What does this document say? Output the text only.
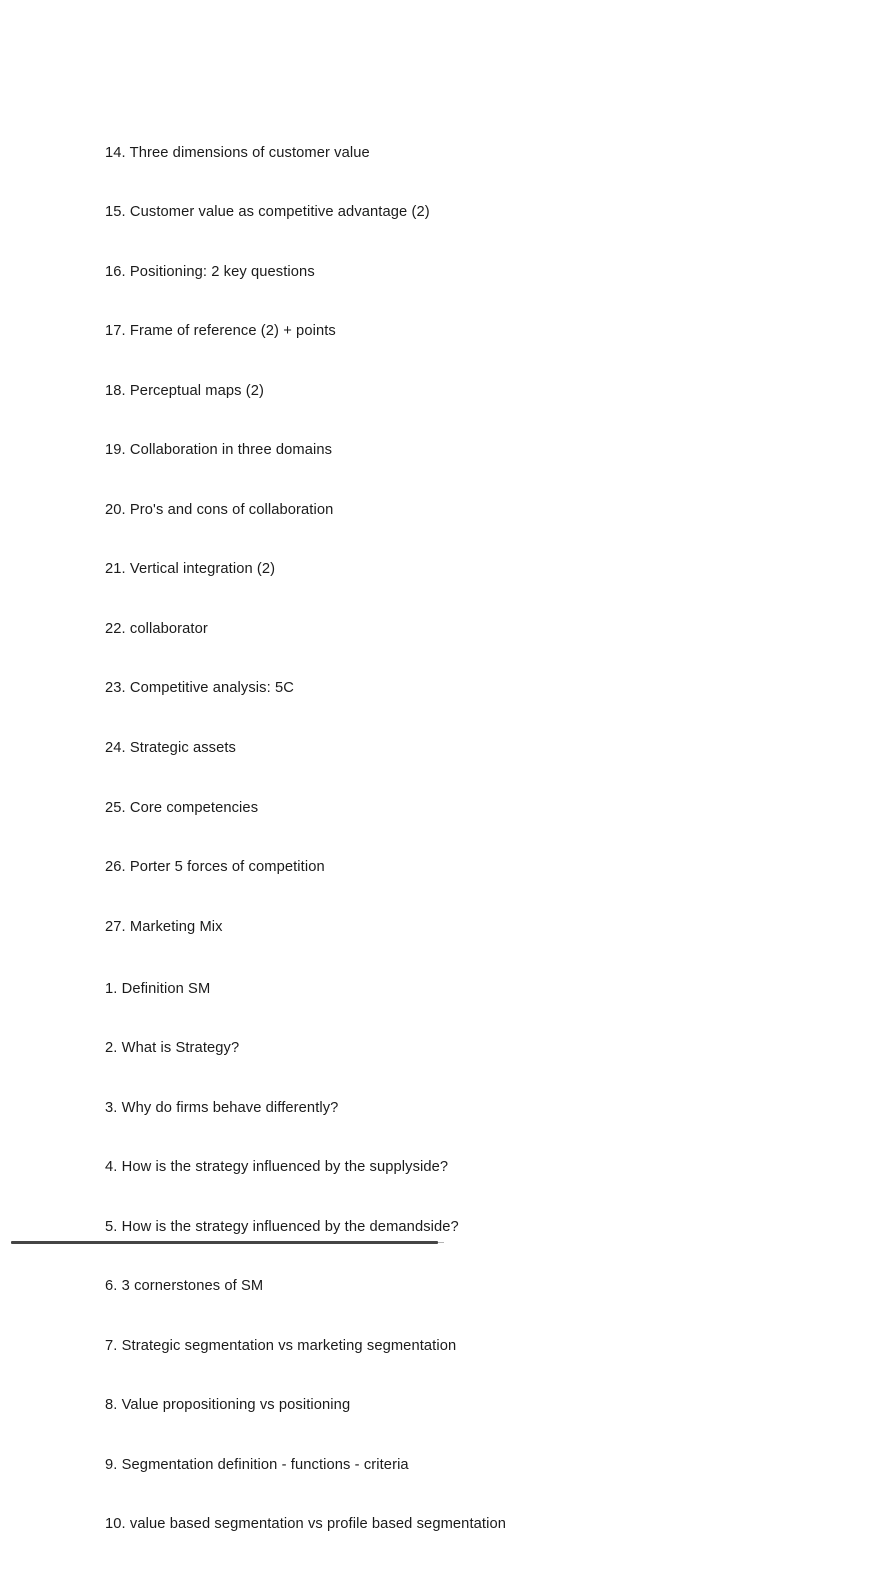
14. Three dimensions of customer value

15. Customer value as competitive advantage (2)

16. Positioning: 2 key questions

17. Frame of reference (2) + points

18. Perceptual maps (2)

19. Collaboration in three domains

20. Pro's and cons of collaboration

21. Vertical integration (2)

22. collaborator

23. Competitive analysis: 5C

24. Strategic assets

25. Core competencies

26. Porter 5 forces of competition

27. Marketing Mix

1. Definition SM

2. What is Strategy?

3. Why do firms behave differently?

4. How is the strategy influenced by the supplyside?

5. How is the strategy influenced by the demandside?

6. 3 cornerstones of SM

7. Strategic segmentation vs marketing segmentation

8. Value propositioning vs positioning

9. Segmentation definition - functions - criteria

10. value based segmentation vs profile based segmentation
